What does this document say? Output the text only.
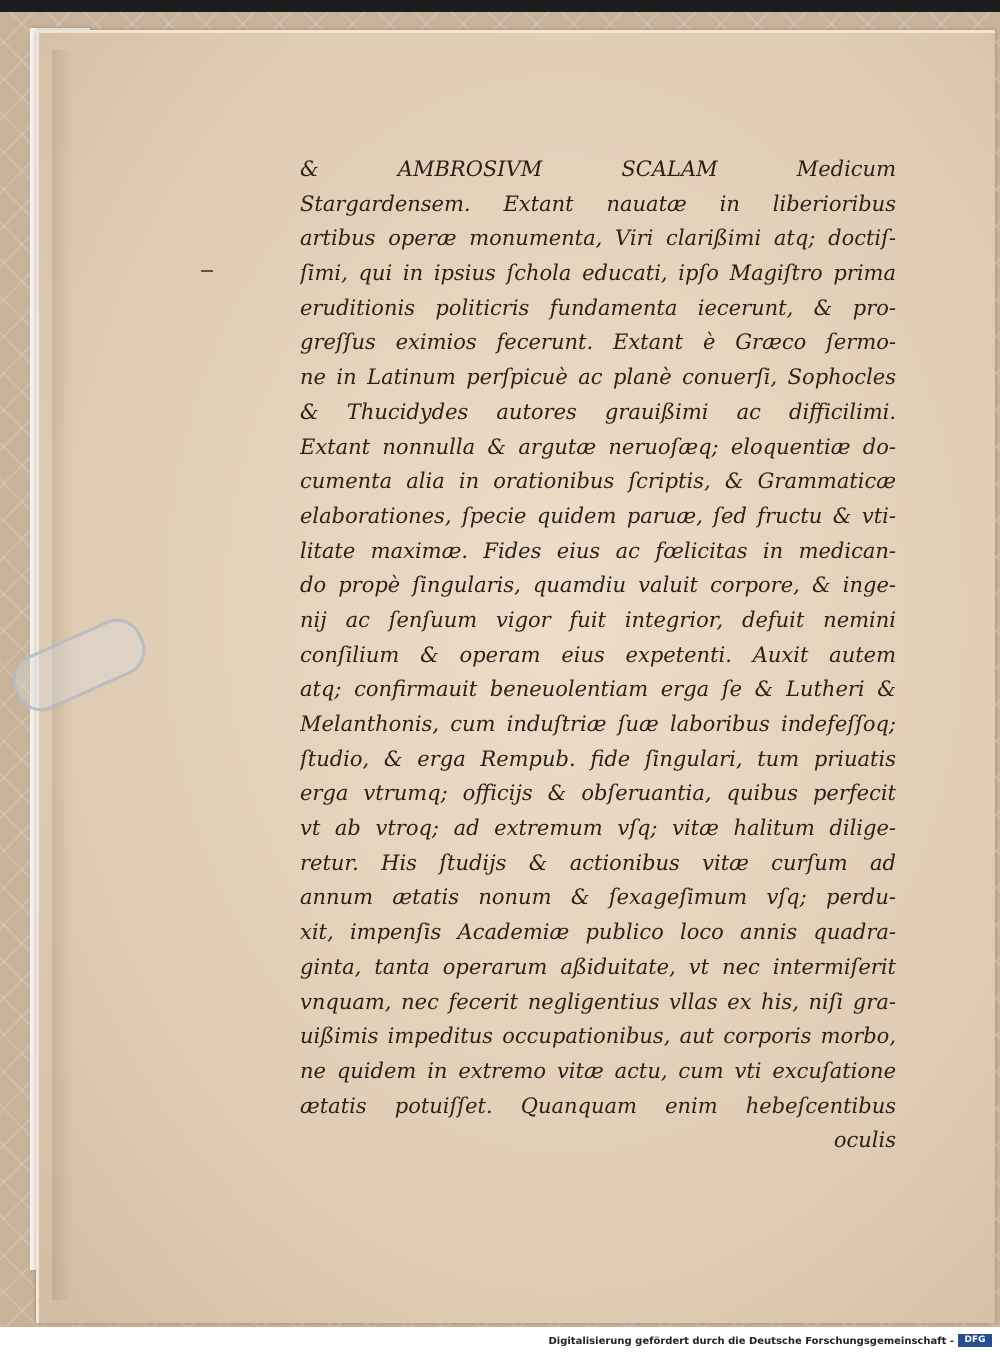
& AMBROSIVM SCALAM Medicum
Stargardensem. Extant nauatæ in liberioribus
artibus operæ monumenta, Viri clarißimi atq; doctiſ-
ſimi, qui in ipsius ſchola educati, ipſo Magiſtro prima
eruditionis politicris fundamenta iecerunt, & pro-
greſſus eximios fecerunt. Extant è Græco ſermo-
ne in Latinum perſpicuè ac planè conuerſi, Sophocles
& Thucidydes autores grauißimi ac difficilimi.
Extant nonnulla & argutæ neruoſæq; eloquentiæ do-
cumenta alia in orationibus ſcriptis, & Grammaticæ
elaborationes, ſpecie quidem paruæ, ſed fructu & vti-
litate maximæ. Fides eius ac fœlicitas in medican-
do propè ſingularis, quamdiu valuit corpore, & inge-
nij ac ſenſuum vigor fuit integrior, defuit nemini
conſilium & operam eius expetenti. Auxit autem
atq; confirmauit beneuolentiam erga ſe & Lutheri &
Melanthonis, cum induſtriæ ſuæ laboribus indefeſſoq;
ſtudio, & erga Rempub. fide ſingulari, tum priuatis
erga vtrumq; officijs & obſeruantia, quibus perfecit
vt ab vtroq; ad extremum vſq; vitæ halitum dilige-
retur. His ſtudijs & actionibus vitæ curſum ad
annum ætatis nonum & ſexageſimum vſq; perdu-
xit, impenſis Academiæ publico loco annis quadra-
ginta, tanta operarum aßiduitate, vt nec intermiſerit
vnquam, nec fecerit negligentius vllas ex his, niſi gra-
uißimis impeditus occupationibus, aut corporis morbo,
ne quidem in extremo vitæ actu, cum vti excuſatione
ætatis potuiſſet. Quanquam enim hebeſcentibus
oculis
Digitalisierung gefördert durch die Deutsche Forschungsgemeinschaft -	DFG
